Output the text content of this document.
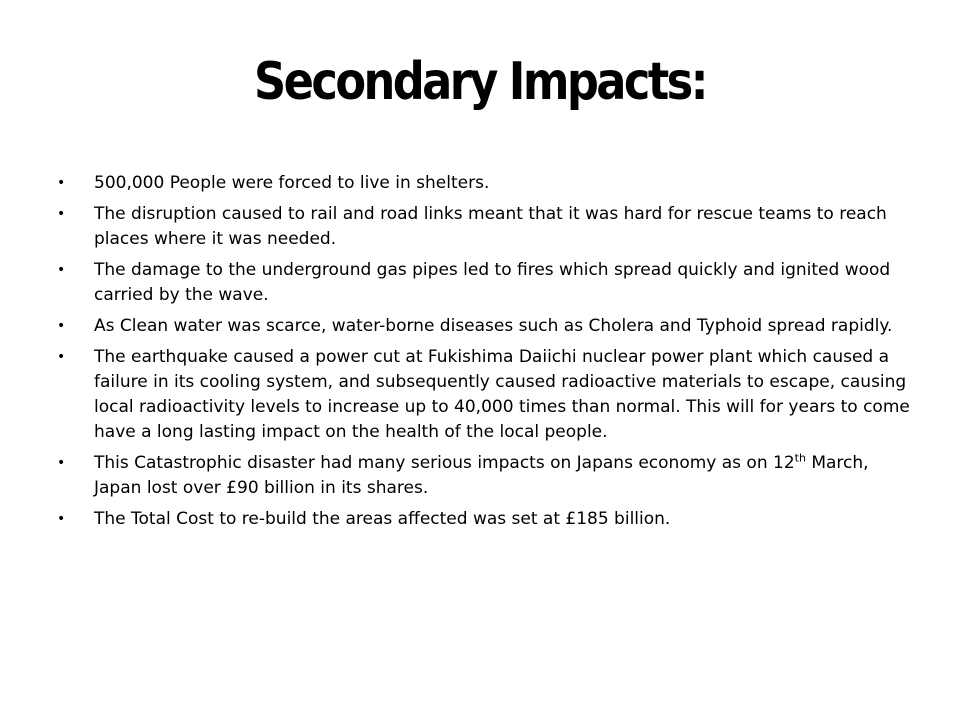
Secondary Impacts:
• 500,000 People were forced to live in shelters.
• The disruption caused to rail and road links meant that it was hard for rescue teams to reach places where it was needed.
• The damage to the underground gas pipes led to fires which spread quickly and ignited wood carried by the wave.
• As Clean water was scarce, water-borne diseases such as Cholera and Typhoid spread rapidly.
• The earthquake caused a power cut at Fukishima Daiichi nuclear power plant which caused a failure in its cooling system, and subsequently caused radioactive materials to escape, causing local radioactivity levels to increase up to 40,000 times than normal. This will for years to come have a long lasting impact on the health of the local people.
• This Catastrophic disaster had many serious impacts on Japans economy as on 12th March, Japan lost over £90 billion in its shares.
• The Total Cost to re-build the areas affected was set at £185 billion.
